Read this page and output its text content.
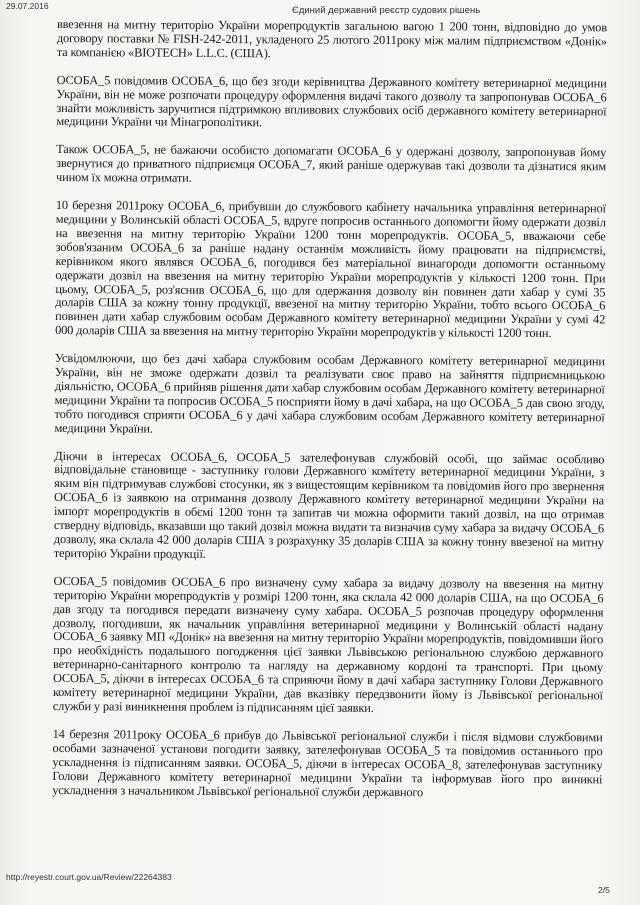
29.07.2016	Єдиний державний реєстр судових рішень

ввезення на митну територію України морепродуктів загальною вагою 1 200 тонн, відповідно до умов договору поставки № FISH-242-2011, укладеного 25 лютого 2011року між малим підприємством «Донік» та компанією «BIOTECH» L.L.C. (США).

ОСОБА_5 повідомив ОСОБА_6, що без згоди керівництва Державного комітету ветеринарної медицини України, він не може розпочати процедуру оформлення видачі такого дозволу та запропонував ОСОБА_6 знайти можливість заручитися підтримкою впливових службових осіб державного комітету ветеринарної медицини України чи Мінагрополітики.

Також ОСОБА_5, не бажаючи особисто допомагати ОСОБА_6 у одержані дозволу, запропонував йому звернутися до приватного підприємця ОСОБА_7, який раніше одержував такі дозволи та дізнатися яким чином їх можна отримати.

10 березня 2011року ОСОБА_6, прибувши до службового кабінету начальника управління ветеринарної медицини у Волинській області ОСОБА_5, вдруге попросив останнього допомогти йому одержати дозвіл на ввезення на митну територію України 1200 тонн морепродуктів. ОСОБА_5, вважаючи себе зобов'язаним ОСОБА_6 за раніше надану останнім можливість йому працювати на підприємстві, керівником якого являвся ОСОБА_6, погодився без матеріальної винагороди допомогти останньому одержати дозвіл на ввезення на митну територію України морепродуктів у кількості 1200 тонн. При цьому, ОСОБА_5, роз'яснив ОСОБА_6, що для одержання дозволу він повинен дати хабар у сумі 35 доларів США за кожну тонну продукції, ввезеної на митну територію України, тобто всього ОСОБА_6 повинен дати хабар службовим особам Державного комітету ветеринарної медицини України у сумі 42 000 доларів США за ввезення на митну територію України морепродуктів у кількості 1200 тонн.

Усвідомлюючи, що без дачі хабара службовим особам Державного комітету ветеринарної медицини України, він не зможе одержати дозвіл та реалізувати своє право на зайняття підприємницькою діяльністю, ОСОБА_6 прийняв рішення дати хабар службовим особам Державного комітету ветеринарної медицини України та попросив ОСОБА_5 посприяти йому в дачі хабара, на що ОСОБА_5 дав свою згоду, тобто погодився сприяти ОСОБА_6 у дачі хабара службовим особам Державного комітету ветеринарної медицини України.

Діючи в інтересах ОСОБА_6, ОСОБА_5 зателефонував службовій особі, що займає особливо відповідальне становище - заступнику голови Державного комітету ветеринарної медицини України, з яким він підтримував службові стосунки, як з вищестоящим керівником та повідомив його про звернення ОСОБА_6 із заявкою на отримання дозволу Державного комітету ветеринарної медицини України на імпорт морепродуктів в обємі 1200 тонн та запитав чи можна оформити такий дозвіл, на що отримав ствердну відповідь, вказавши що такий дозвіл можна видати та визначив суму хабара за видачу ОСОБА_6 дозволу, яка склала 42 000 доларів США з розрахунку 35 доларів США за кожну тонну ввезеної на митну територію України продукції.

ОСОБА_5 повідомив ОСОБА_6 про визначену суму хабара за видачу дозволу на ввезення на митну територію України морепродуктів у розмірі 1200 тонн, яка склала 42 000 доларів США, на що ОСОБА_6 дав згоду та погодився передати визначену суму хабара. ОСОБА_5 розпочав процедуру оформлення дозволу, погодивши, як начальник управління ветеринарної медицини у Волинській області надану ОСОБА_6 заявку МП «Донік» на ввезення на митну територію України морепродуктів, повідомивши його про необхідність подальшого погодження цієї заявки Львівською регіональною службою державного ветеринарно-санітарного контролю та нагляду на державному кордоні та транспорті. При цьому ОСОБА_5, діючи в інтересах ОСОБА_6 та сприяючи йому в дачі хабара заступнику Голови Державного комітету ветеринарної медицини України, дав вказівку передзвонити йому із Львівської регіональної служби у разі виникнення проблем із підписанням цієї заявки.

14 березня 2011року ОСОБА_6 прибув до Львівської регіональної служби і після відмови службовими особами зазначеної установи погодити заявку, зателефонував ОСОБА_5 та повідомив останнього про ускладнення із підписанням заявки. ОСОБА_5, діючи в інтересах ОСОБА_8, зателефонував заступнику Голови Державного комітету ветеринарної медицини України та інформував його про виникні ускладнення з начальником Львівської регіональної служби державного

http://reyestr.court.gov.ua/Review/22264383
2/5
